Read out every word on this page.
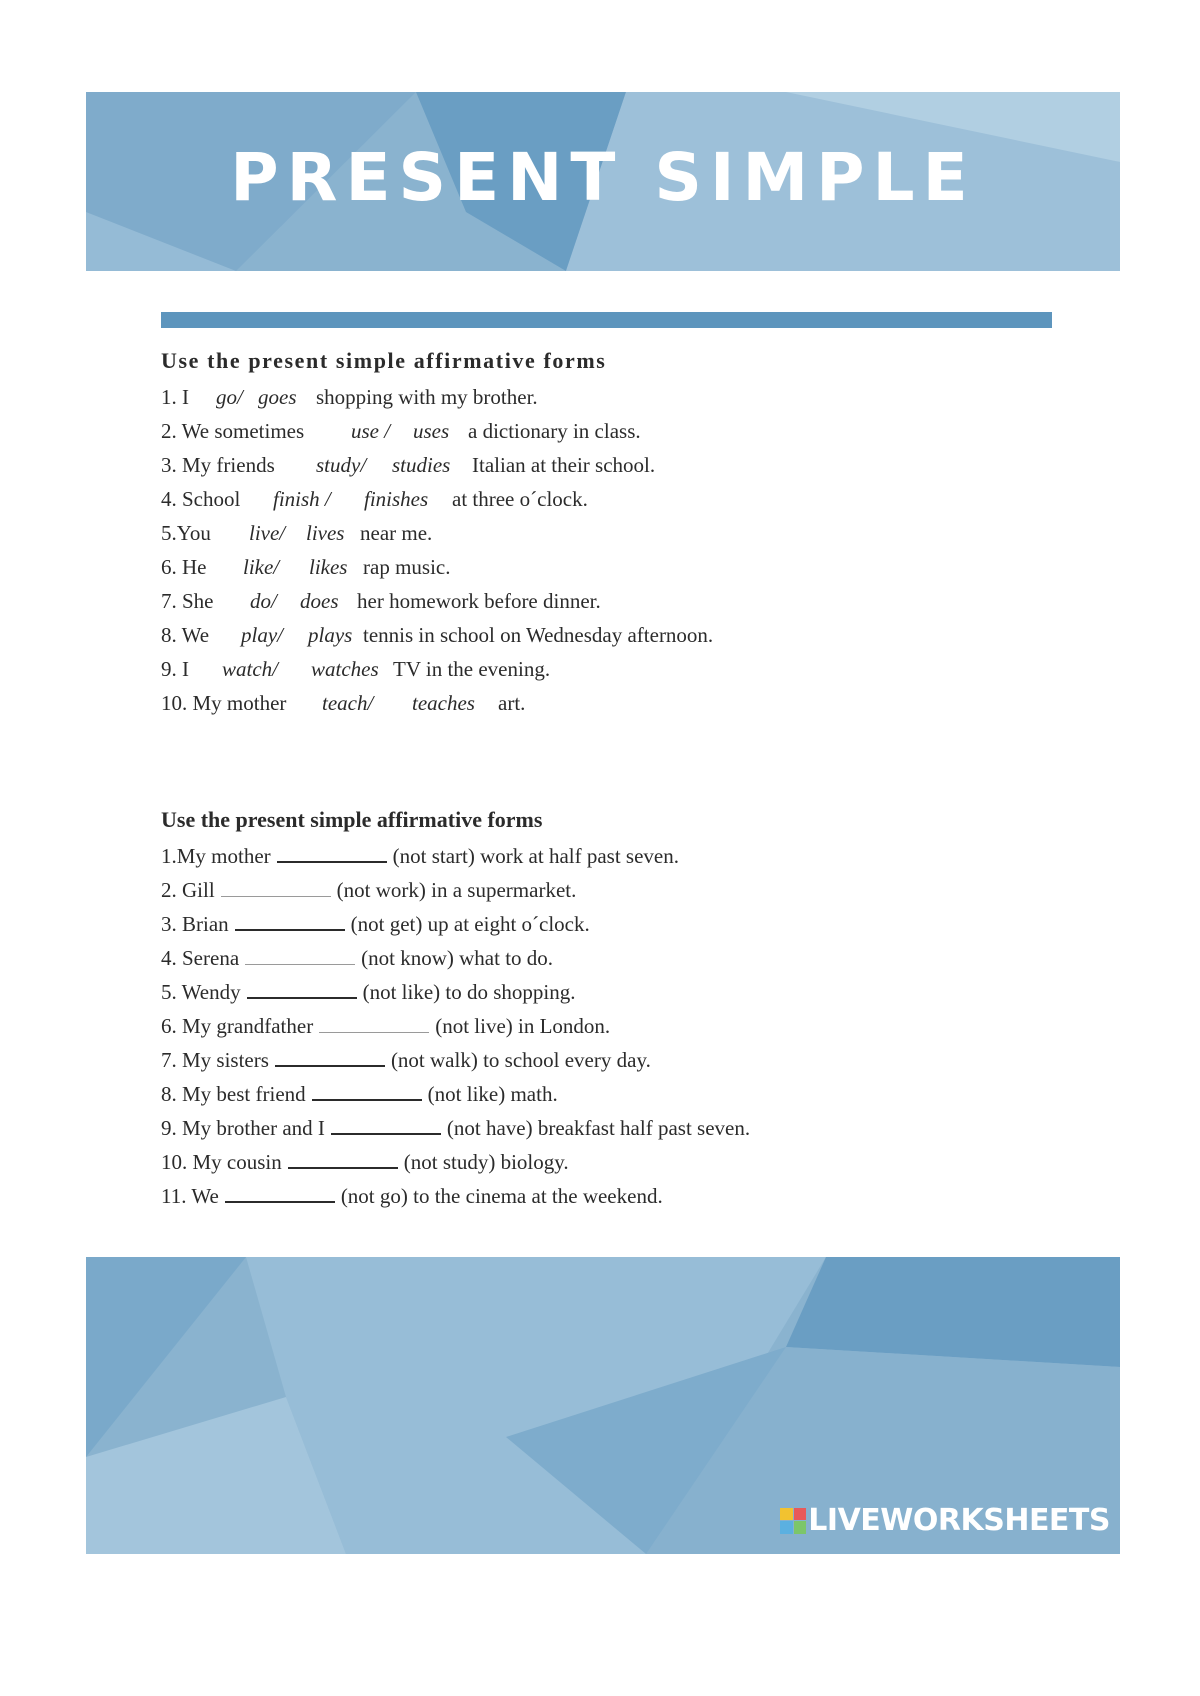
PRESENT SIMPLE
Use the present simple affirmative forms
1. I go/ goes shopping with my brother.
2. We sometimes use / uses a dictionary in class.
3. My friends study/ studies Italian at their school.
4. School finish / finishes at three o´clock.
5.You live/ lives near me.
6. He like/ likes rap music.
7. She do/ does her homework before dinner.
8. We play/ plays tennis in school on Wednesday afternoon.
9. I watch/ watches TV in the evening.
10. My mother teach/ teaches art.
Use the present simple affirmative forms
1.My mother	(not start) work at half past seven.
2. Gill	(not work) in a supermarket.
3. Brian	(not get) up at eight o´clock.
4. Serena	(not know) what to do.
5. Wendy	(not like) to do shopping.
6. My grandfather	(not live) in London.
7. My sisters	(not walk) to school every day.
8. My best friend	(not like) math.
9. My brother and I	(not have) breakfast half past seven.
10. My cousin	(not study) biology.
11. We	(not go) to the cinema at the weekend.
LIVEWORKSHEETS
